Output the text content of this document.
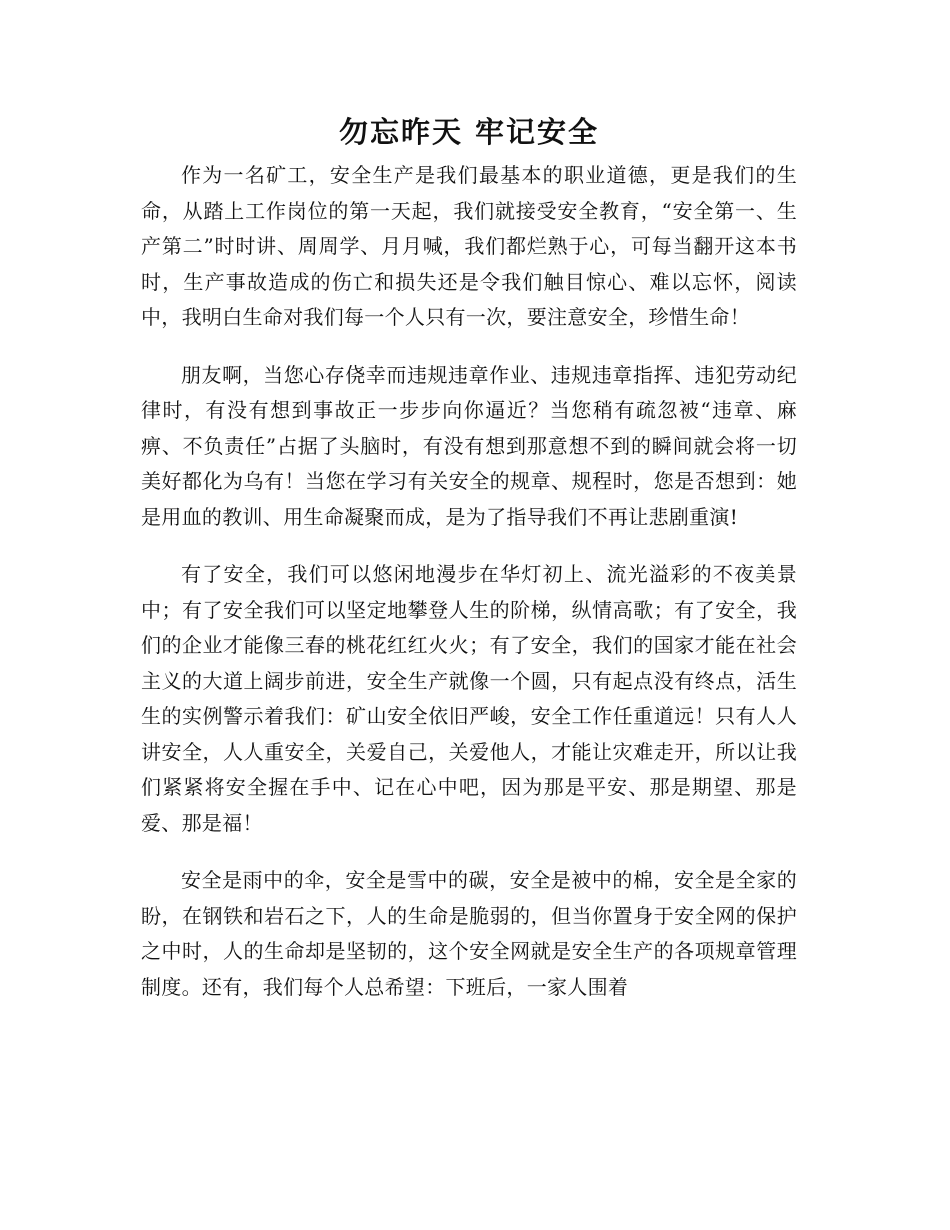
勿忘昨天 牢记安全

作为一名矿工，安全生产是我们最基本的职业道德，更是我们的生命，从踏上工作岗位的第一天起，我们就接受安全教育，“安全第一、生产第二”时时讲、周周学、月月喊，我们都烂熟于心，可每当翻开这本书时，生产事故造成的伤亡和损失还是令我们触目惊心、难以忘怀，阅读中，我明白生命对我们每一个人只有一次，要注意安全，珍惜生命！

朋友啊，当您心存侥幸而违规违章作业、违规违章指挥、违犯劳动纪律时，有没有想到事故正一步步向你逼近？当您稍有疏忽被“违章、麻痹、不负责任”占据了头脑时，有没有想到那意想不到的瞬间就会将一切美好都化为乌有！当您在学习有关安全的规章、规程时，您是否想到：她是用血的教训、用生命凝聚而成，是为了指导我们不再让悲剧重演!

有了安全，我们可以悠闲地漫步在华灯初上、流光溢彩的不夜美景中；有了安全我们可以坚定地攀登人生的阶梯，纵情高歌；有了安全，我们的企业才能像三春的桃花红红火火；有了安全，我们的国家才能在社会主义的大道上阔步前进，安全生产就像一个圆，只有起点没有终点，活生生的实例警示着我们：矿山安全依旧严峻，安全工作任重道远！只有人人讲安全，人人重安全，关爱自己，关爱他人，才能让灾难走开，所以让我们紧紧将安全握在手中、记在心中吧，因为那是平安、那是期望、那是爱、那是福！

安全是雨中的伞，安全是雪中的碳，安全是被中的棉，安全是全家的盼，在钢铁和岩石之下，人的生命是脆弱的，但当你置身于安全网的保护之中时，人的生命却是坚韧的，这个安全网就是安全生产的各项规章管理制度。还有，我们每个人总希望：下班后，一家人围着
